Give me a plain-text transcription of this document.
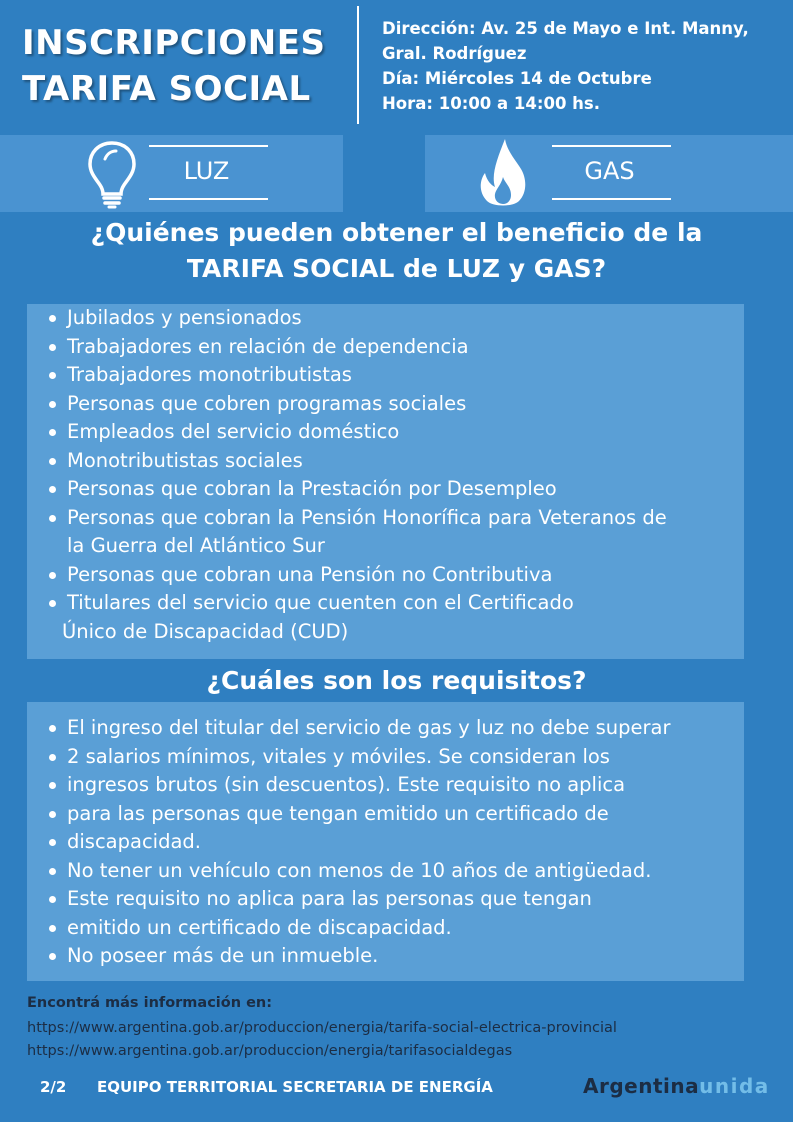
INSCRIPCIONES
TARIFA SOCIAL
Dirección: Av. 25 de Mayo e Int. Manny,
Gral. Rodríguez
Día: Miércoles 14 de Octubre
Hora: 10:00 a 14:00 hs.
LUZ	GAS
¿Quiénes pueden obtener el beneficio de la
TARIFA SOCIAL de LUZ y GAS?
Jubilados y pensionados
Trabajadores en relación de dependencia
Trabajadores monotributistas
Personas que cobren programas sociales
Empleados del servicio doméstico
Monotributistas sociales
Personas que cobran la Prestación por Desempleo
Personas que cobran la Pensión Honorífica para Veteranos de
la Guerra del Atlántico Sur
Personas que cobran una Pensión no Contributiva
Titulares del servicio que cuenten con el Certificado
Único de Discapacidad (CUD)
¿Cuáles son los requisitos?
El ingreso del titular del servicio de gas y luz no debe superar
2 salarios mínimos, vitales y móviles. Se consideran los
ingresos brutos (sin descuentos). Este requisito no aplica
para las personas que tengan emitido un certificado de
discapacidad.
No tener un vehículo con menos de 10 años de antigüedad.
Este requisito no aplica para las personas que tengan
emitido un certificado de discapacidad.
No poseer más de un inmueble.
Encontrá más información en:
https://www.argentina.gob.ar/produccion/energia/tarifa-social-electrica-provincial
https://www.argentina.gob.ar/produccion/energia/tarifasocialdegas
2/2 EQUIPO TERRITORIAL SECRETARIA DE ENERGÍA	Argentinaunida
